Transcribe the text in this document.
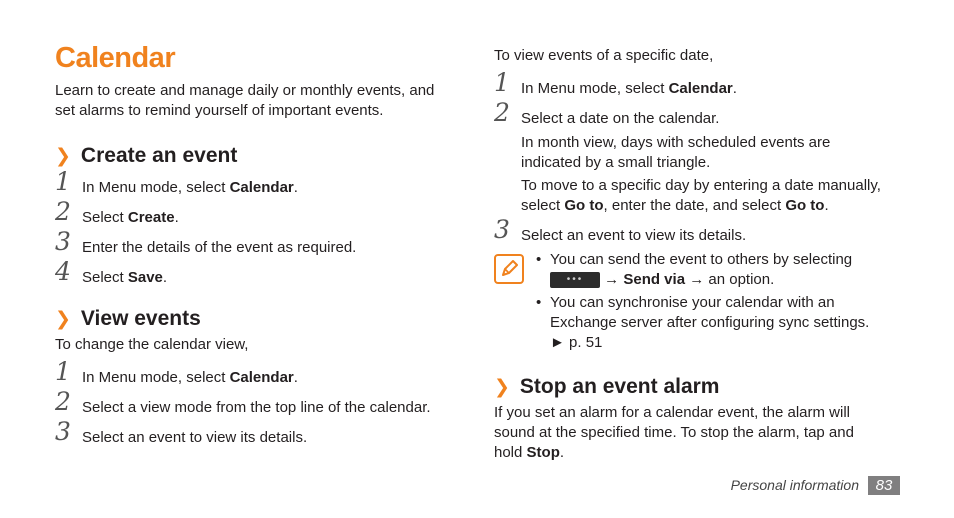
Calendar

Learn to create and manage daily or monthly events, and
set alarms to remind yourself of important events.

❯ Create an event
1 In Menu mode, select Calendar.
2 Select Create.
3 Enter the details of the event as required.
4 Select Save.
❯ View events

To change the calendar view,

1 In Menu mode, select Calendar.
2 Select a view mode from the top line of the calendar.
3 Select an event to view its details.

To view events of a specific date,

1 In Menu mode, select Calendar.
2 Select a date on the calendar.
In month view, days with scheduled events are
indicated by a small triangle.
To move to a specific day by entering a date manually,
select Go to, enter the date, and select Go to.
3 Select an event to view its details.
• You can send the event to others by selecting
••• → Send via → an option.
• You can synchronise your calendar with an
Exchange server after configuring sync settings.
► p. 51
❯ Stop an event alarm

If you set an alarm for a calendar event, the alarm will
sound at the specified time. To stop the alarm, tap and
hold Stop.

Personal information	83
